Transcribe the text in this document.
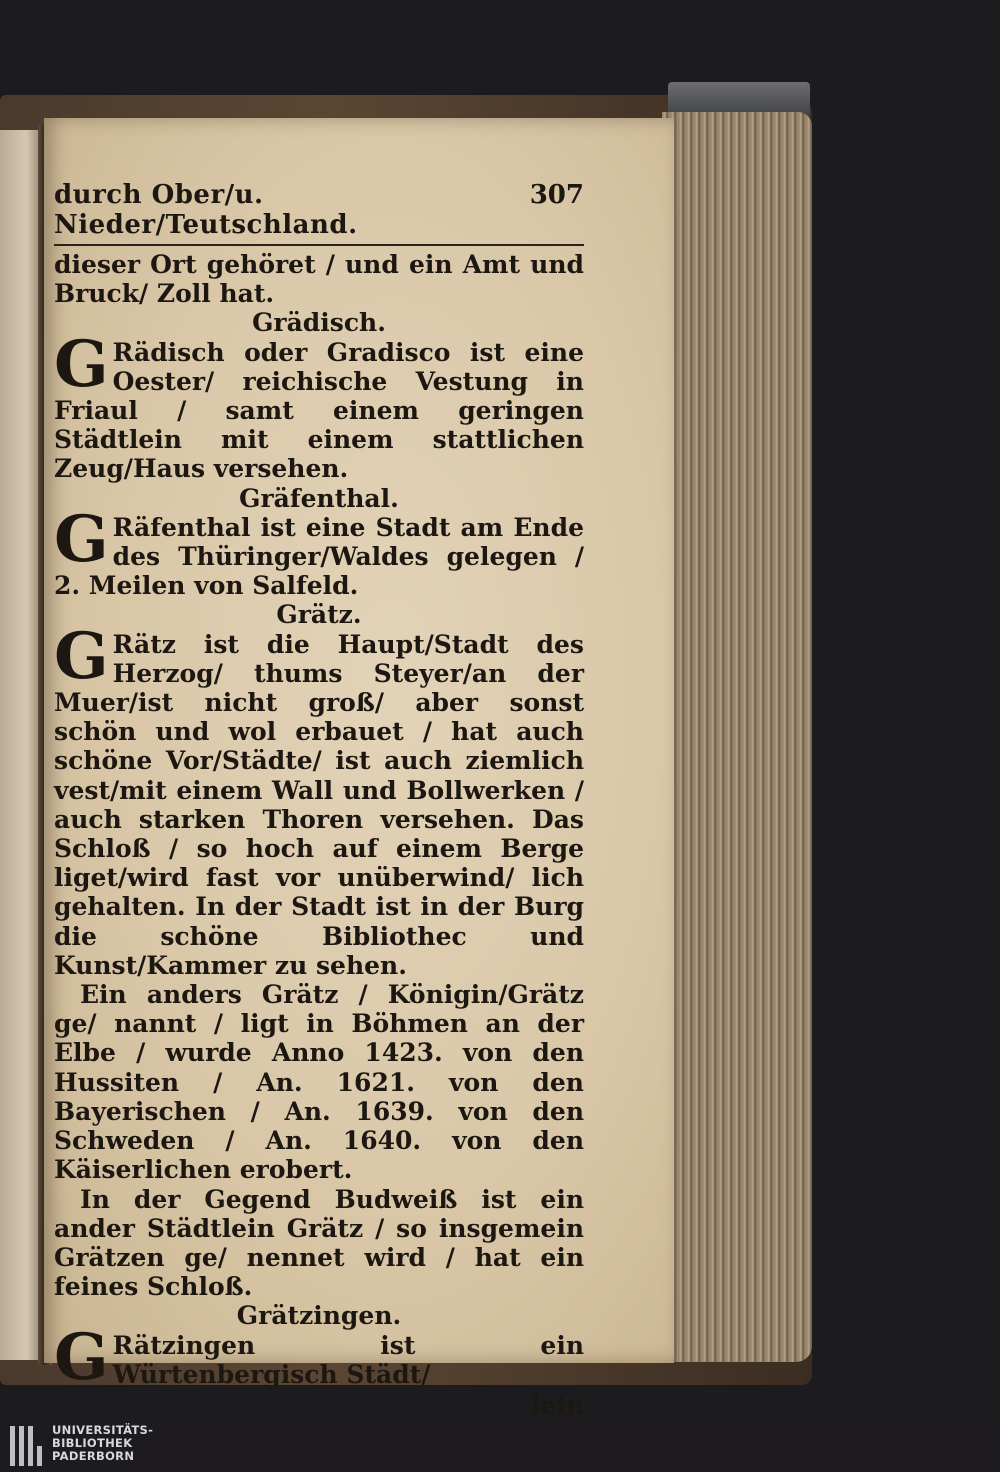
durch Ober/u. Nieder/Teutschland.
307

dieser Ort gehöret / und ein Amt und Bruck/ Zoll hat.

Grädisch.

GRädisch oder Gradisco ist eine Oester/ reichische Vestung in Friaul / samt einem geringen Städtlein mit einem stattlichen Zeug/Haus versehen.

Gräfenthal.

GRäfenthal ist eine Stadt am Ende des Thüringer/Waldes gelegen / 2. Meilen von Salfeld.

Grätz.

GRätz ist die Haupt/Stadt des Herzog/ thums Steyer/an der Muer/ist nicht groß/ aber sonst schön und wol erbauet / hat auch schöne Vor/Städte/ ist auch ziemlich vest/mit einem Wall und Bollwerken / auch starken Thoren versehen. Das Schloß / so hoch auf einem Berge liget/wird fast vor unüberwind/ lich gehalten. In der Stadt ist in der Burg die schöne Bibliothec und Kunst/Kammer zu sehen.

Ein anders Grätz / Königin/Grätz ge/ nannt / ligt in Böhmen an der Elbe / wurde Anno 1423. von den Hussiten / An. 1621. von den Bayerischen / An. 1639. von den Schweden / An. 1640. von den Käiserlichen erobert.

In der Gegend Budweiß ist ein ander Städtlein Grätz / so insgemein Grätzen ge/ nennet wird / hat ein feines Schloß.

Grätzingen.

GRätzingen ist ein Würtenbergisch Städt/

lein
UNIVERSITÄTS-
BIBLIOTHEK
PADERBORN
